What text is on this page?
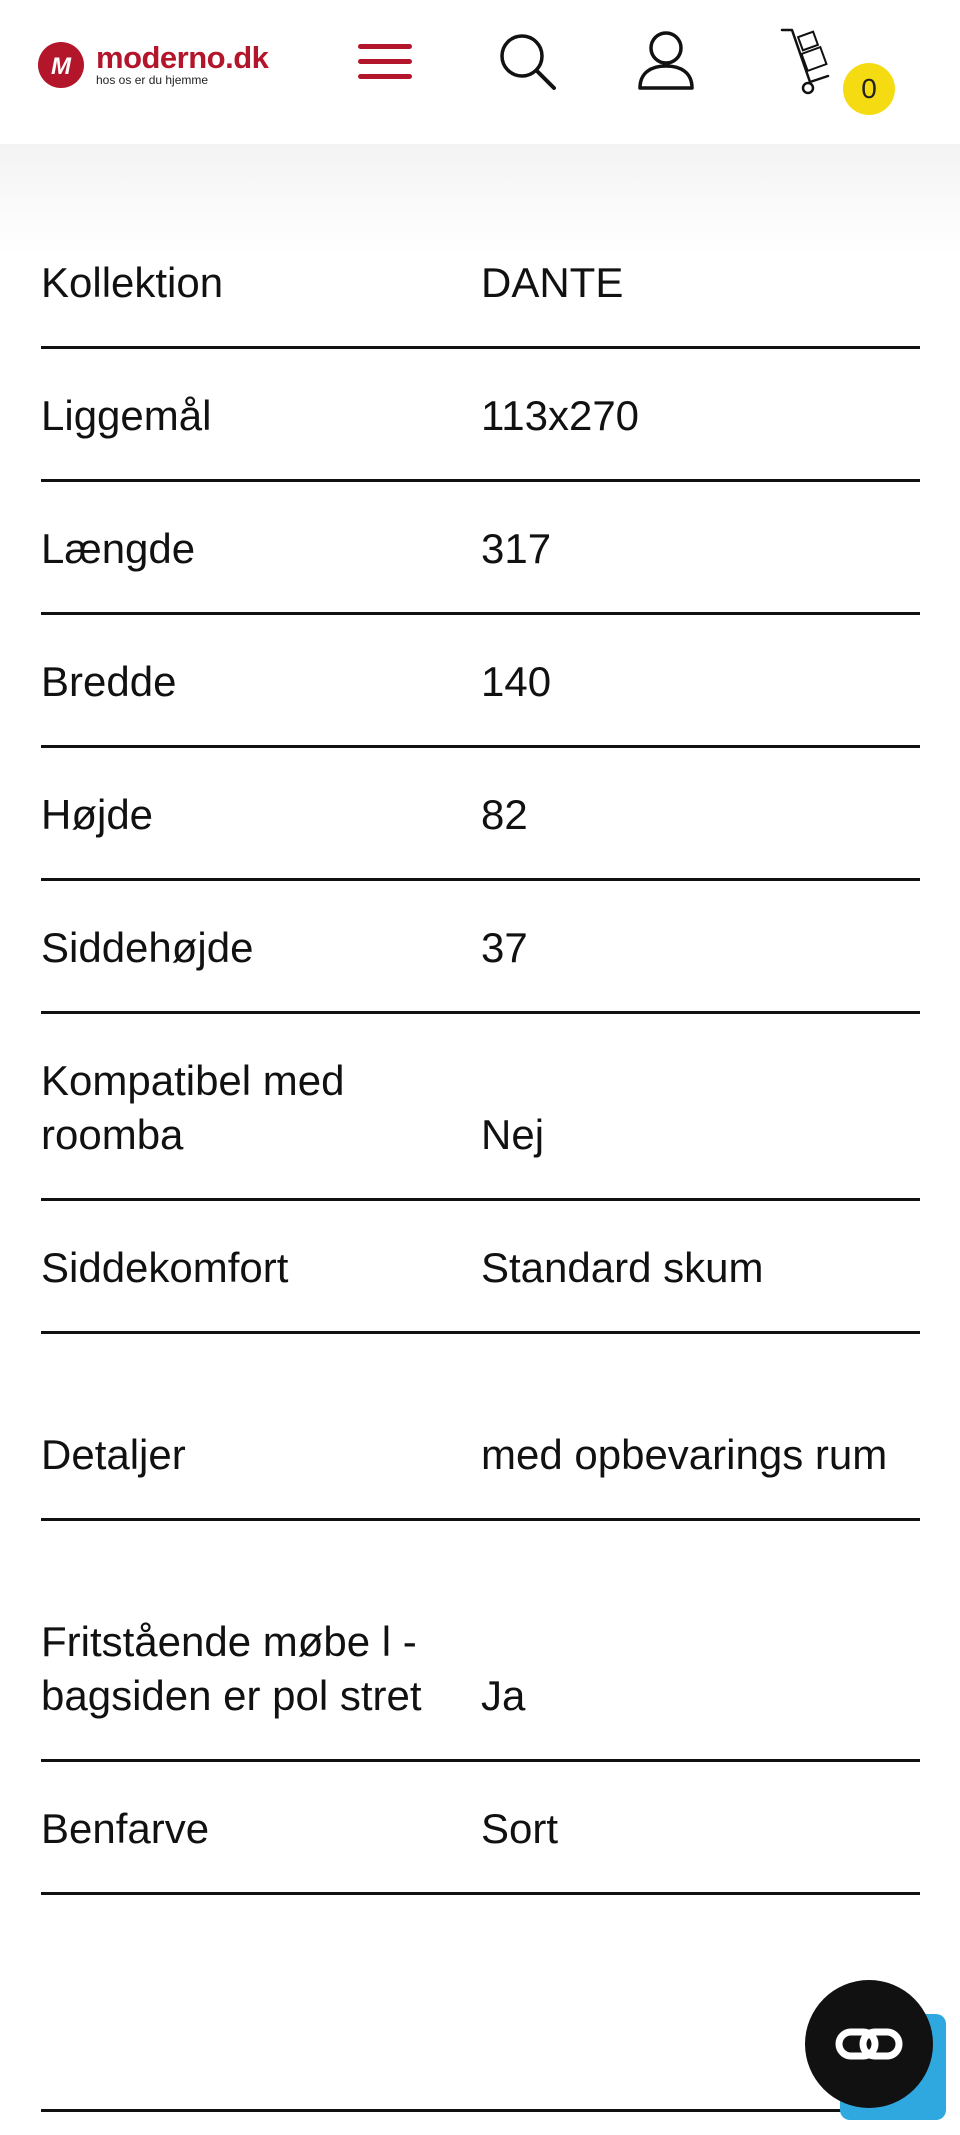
M moderno.dk
hos os er du hjemme	0
Kollektion	DANTE
Liggemål	113x270
Længde	317
Bredde	140
Højde	82
Siddehøjde	37
Kompatibel med roomba	Nej
Siddekomfort	Standard skum
Detaljer	med opbevarings rum
Fritstående møbe l - bagsiden er pol stret	Ja
Benfarve	Sort
